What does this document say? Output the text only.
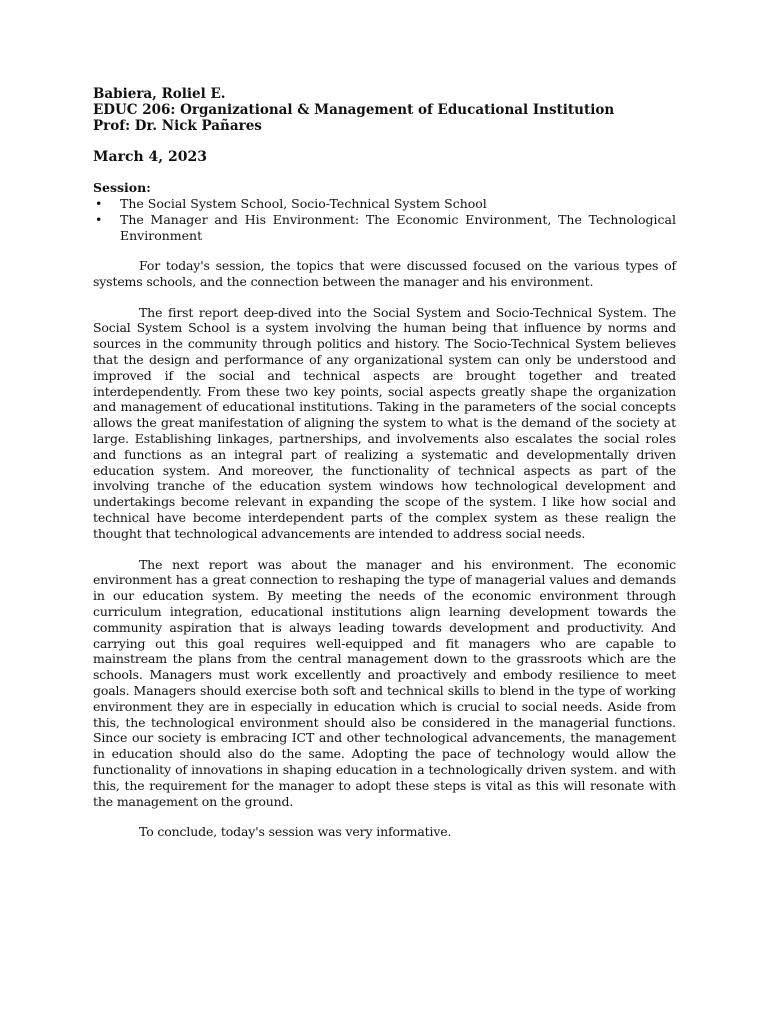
Babiera, Roliel E.
EDUC 206: Organizational & Management of Educational Institution
Prof: Dr. Nick Pañares
March 4, 2023
Session:
• The Social System School, Socio-Technical System School
• The Manager and His Environment: The Economic Environment, The Technological Environment

For today's session, the topics that were discussed focused on the various types of systems schools, and the connection between the manager and his environment.

The first report deep-dived into the Social System and Socio-Technical System. The Social System School is a system involving the human being that influence by norms and sources in the community through politics and history. The Socio-Technical System believes that the design and performance of any organizational system can only be understood and improved if the social and technical aspects are brought together and treated interdependently. From these two key points, social aspects greatly shape the organization and management of educational institutions. Taking in the parameters of the social concepts allows the great manifestation of aligning the system to what is the demand of the society at large. Establishing linkages, partnerships, and involvements also escalates the social roles and functions as an integral part of realizing a systematic and developmentally driven education system. And moreover, the functionality of technical aspects as part of the involving tranche of the education system windows how technological development and undertakings become relevant in expanding the scope of the system. I like how social and technical have become interdependent parts of the complex system as these realign the thought that technological advancements are intended to address social needs.

The next report was about the manager and his environment. The economic environment has a great connection to reshaping the type of managerial values and demands in our education system. By meeting the needs of the economic environment through curriculum integration, educational institutions align learning development towards the community aspiration that is always leading towards development and productivity. And carrying out this goal requires well-equipped and fit managers who are capable to mainstream the plans from the central management down to the grassroots which are the schools. Managers must work excellently and proactively and embody resilience to meet goals. Managers should exercise both soft and technical skills to blend in the type of working environment they are in especially in education which is crucial to social needs. Aside from this, the technological environment should also be considered in the managerial functions. Since our society is embracing ICT and other technological advancements, the management in education should also do the same. Adopting the pace of technology would allow the functionality of innovations in shaping education in a technologically driven system. and with this, the requirement for the manager to adopt these steps is vital as this will resonate with the management on the ground.

To conclude, today's session was very informative.
